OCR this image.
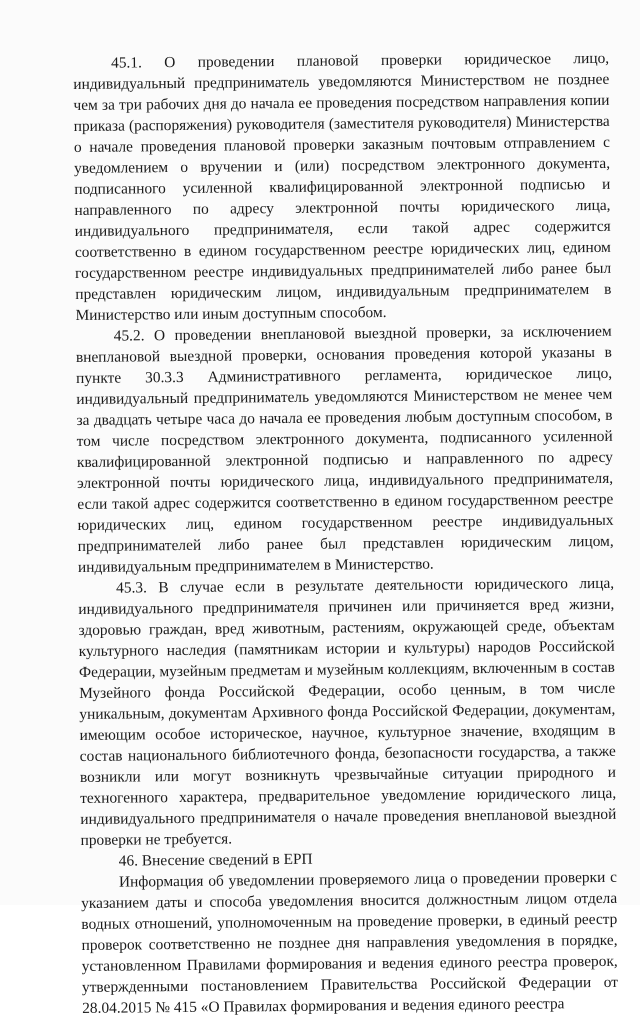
45.1. О проведении плановой проверки юридическое лицо, индивидуальный предприниматель уведомляются Министерством не позднее чем за три рабочих дня до начала ее проведения посредством направления копии приказа (распоряжения) руководителя (заместителя руководителя) Министерства о начале проведения плановой проверки заказным почтовым отправлением с уведомлением о вручении и (или) посредством электронного документа, подписанного усиленной квалифицированной электронной подписью и направленного по адресу электронной почты юридического лица, индивидуального предпринимателя, если такой адрес содержится соответственно в едином государственном реестре юридических лиц, едином государственном реестре индивидуальных предпринимателей либо ранее был представлен юридическим лицом, индивидуальным предпринимателем в Министерство или иным доступным способом.

45.2. О проведении внеплановой выездной проверки, за исключением внеплановой выездной проверки, основания проведения которой указаны в пункте 30.3.3 Административного регламента, юридическое лицо, индивидуальный предприниматель уведомляются Министерством не менее чем за двадцать четыре часа до начала ее проведения любым доступным способом, в том числе посредством электронного документа, подписанного усиленной квалифицированной электронной подписью и направленного по адресу электронной почты юридического лица, индивидуального предпринимателя, если такой адрес содержится соответственно в едином государственном реестре юридических лиц, едином государственном реестре индивидуальных предпринимателей либо ранее был представлен юридическим лицом, индивидуальным предпринимателем в Министерство.

45.3. В случае если в результате деятельности юридического лица, индивидуального предпринимателя причинен или причиняется вред жизни, здоровью граждан, вред животным, растениям, окружающей среде, объектам культурного наследия (памятникам истории и культуры) народов Российской Федерации, музейным предметам и музейным коллекциям, включенным в состав Музейного фонда Российской Федерации, особо ценным, в том числе уникальным, документам Архивного фонда Российской Федерации, документам, имеющим особое историческое, научное, культурное значение, входящим в состав национального библиотечного фонда, безопасности государства, а также возникли или могут возникнуть чрезвычайные ситуации природного и техногенного характера, предварительное уведомление юридического лица, индивидуального предпринимателя о начале проведения внеплановой выездной проверки не требуется.

46. Внесение сведений в ЕРП

Информация об уведомлении проверяемого лица о проведении проверки с указанием даты и способа уведомления вносится должностным лицом отдела водных отношений, уполномоченным на проведение проверки, в единый реестр проверок соответственно не позднее дня направления уведомления в порядке, установленном Правилами формирования и ведения единого реестра проверок, утвержденными постановлением Правительства Российской Федерации от 28.04.2015 № 415 «О Правилах формирования и ведения единого реестра
